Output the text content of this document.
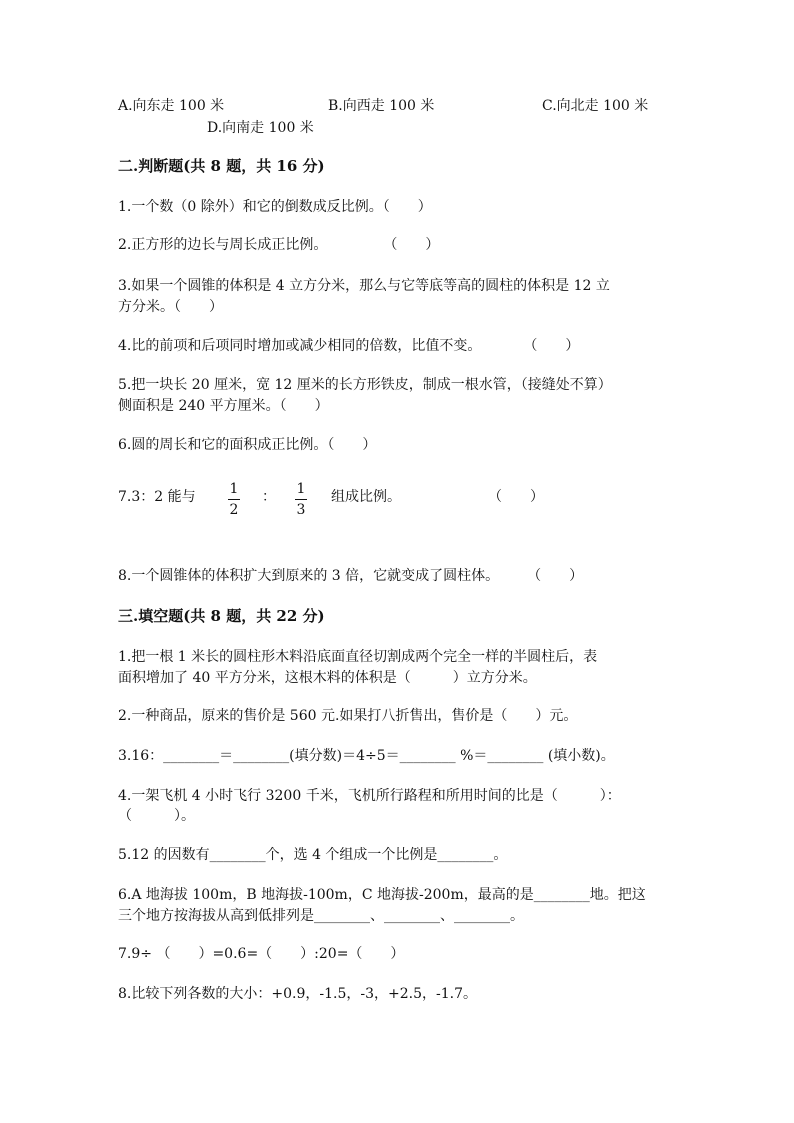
A.向东走 100 米	B.向西走 100 米	C.向北走 100 米
D.向南走 100 米
二.判断题(共 8 题，共 16 分)
1.一个数（0 除外）和它的倒数成反比例。（　　）
2.正方形的边长与周长成正比例。　　　　　（　　）
3.如果一个圆锥的体积是 4 立方分米，那么与它等底等高的圆柱的体积是 12 立
方分米。（　　）
4.比的前项和后项同时增加或减少相同的倍数，比值不变。　　　　（　　）
5.把一块长 20 厘米，宽 12 厘米的长方形铁皮，制成一根水管，（接缝处不算）
侧面积是 240 平方厘米。（　　）
6.圆的周长和它的面积成正比例。（　　）
7.3：2 能与 1
2
： 1
3
组成比例。	（　　）
8.一个圆锥体的体积扩大到原来的 3 倍，它就变成了圆柱体。　　　（　　）
三.填空题(共 8 题，共 22 分)
1.把一根 1 米长的圆柱形木料沿底面直径切割成两个完全一样的半圆柱后，表
面积增加了 40 平方分米，这根木料的体积是（　　　）立方分米。
2.一种商品，原来的售价是 560 元.如果打八折售出，售价是（　　）元。
3.16：________＝________(填分数)＝4÷5＝________ %＝________ (填小数)。
4.一架飞机 4 小时飞行 3200 千米，飞机所行路程和所用时间的比是（　　　）：
（　　　）。
5.12 的因数有________个，选 4 个组成一个比例是________。
6.A 地海拔 100m，B 地海拔-100m，C 地海拔-200m，最高的是________地。把这
三个地方按海拔从高到低排列是________、________、________。
7.9÷ （　　）=0.6=（　　）:20=（　　）
8.比较下列各数的大小：+0.9，-1.5，-3，+2.5，-1.7。
